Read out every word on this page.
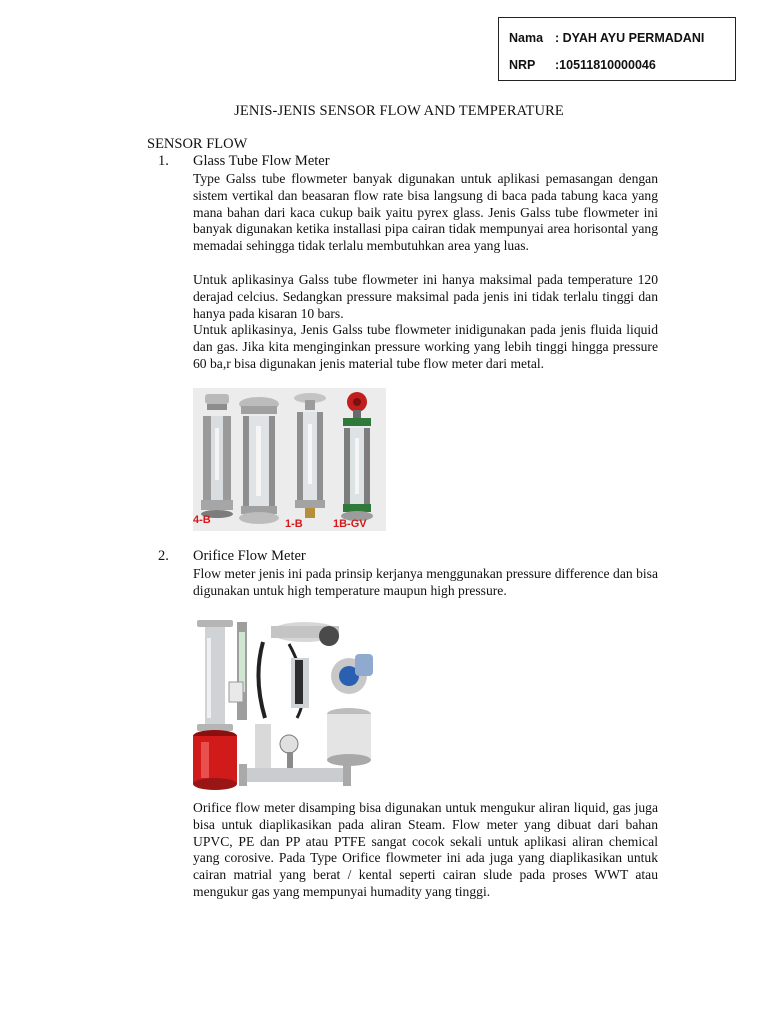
Nama : DYAH AYU PERMADANI
NRP :10511810000046
JENIS-JENIS SENSOR FLOW AND TEMPERATURE
SENSOR FLOW
1. Glass Tube Flow Meter

Type Galss tube flowmeter banyak digunakan untuk aplikasi pemasangan dengan sistem vertikal dan beasaran flow rate bisa langsung di baca pada tabung kaca yang mana bahan dari kaca cukup baik yaitu pyrex glass. Jenis Galss tube flowmeter ini banyak digunakan ketika installasi pipa cairan tidak mempunyai area horisontal yang memadai sehingga tidak terlalu membutuhkan area yang luas.

Untuk aplikasinya Galss tube flowmeter ini hanya maksimal pada temperature 120 derajad celcius. Sedangkan pressure maksimal pada jenis ini tidak terlalu tinggi dan hanya pada kisaran 10 bars.

Untuk aplikasinya, Jenis Galss tube flowmeter inidigunakan pada jenis fluida liquid dan gas. Jika kita menginginkan pressure working yang lebih tinggi hingga pressure 60 ba,r bisa digunakan jenis material tube flow meter dari metal.

4-B	1-B	1B-GV
2. Orifice Flow Meter

Flow meter jenis ini pada prinsip kerjanya menggunakan pressure difference dan bisa digunakan untuk high temperature maupun high pressure.

Orifice flow meter disamping bisa digunakan untuk mengukur aliran liquid, gas juga bisa untuk diaplikasikan pada aliran Steam. Flow meter yang dibuat dari bahan UPVC, PE dan PP atau PTFE sangat cocok sekali untuk aplikasi aliran chemical yang corosive. Pada Type Orifice flowmeter ini ada juga yang diaplikasikan untuk cairan matrial yang berat / kental seperti cairan slude pada proses WWT atau mengukur gas yang mempunyai humadity yang tinggi.
